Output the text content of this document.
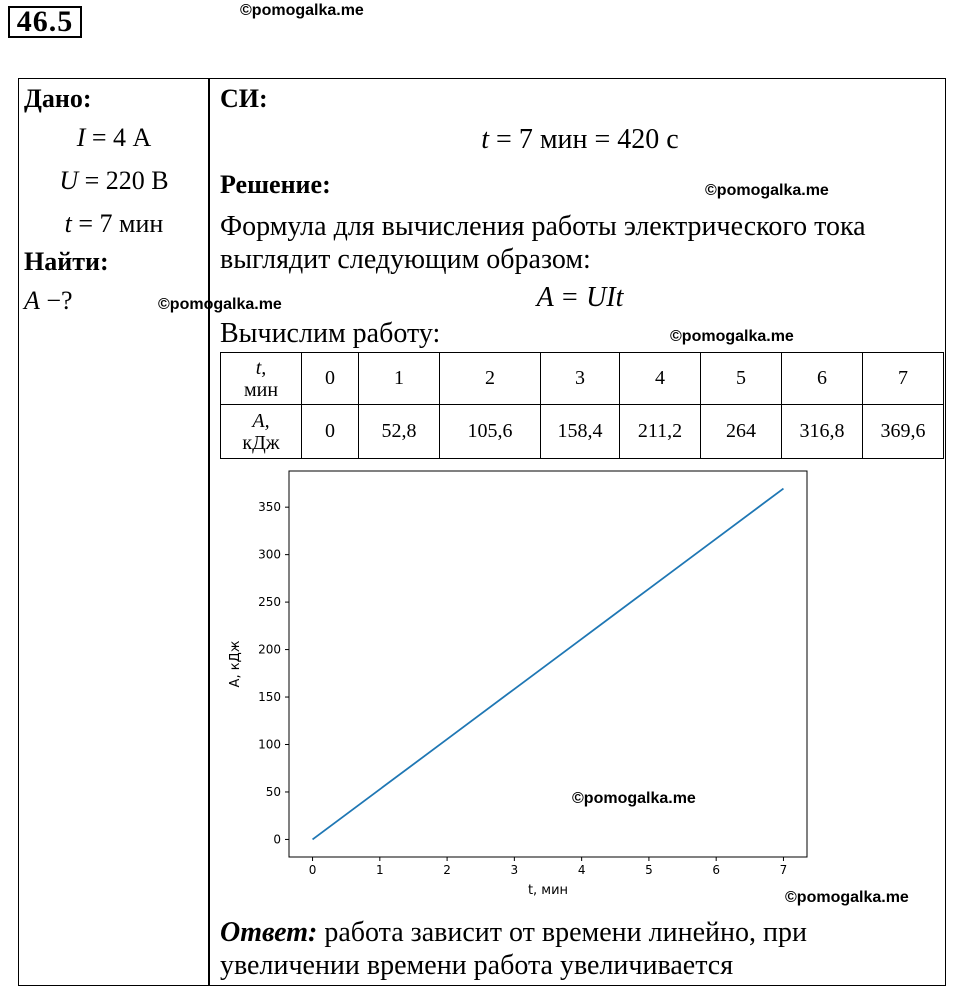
46.5	©pomogalka.me
Дано:
I = 4 А
U = 220 В
t = 7 мин
Найти:
A −?	©pomogalka.me
СИ:
t = 7 мин = 420 с
Решение:	©pomogalka.me
Формула для вычисления работы электрического тока выглядит следующим образом:
A = UIt
Вычислим работу:	©pomogalka.me
t,
мин	0	1	2	3	4	5	6	7

A,
кДж	0	52,8	105,6	158,4	211,2	264	316,8	369,6
0	1	2	3	4	5	6	7
0
50
100
150
200
250
300
350
t, мин
А, кДж
©pomogalka.me
©pomogalka.me
Ответ: работа зависит от времени линейно, при увеличении времени работа увеличивается
